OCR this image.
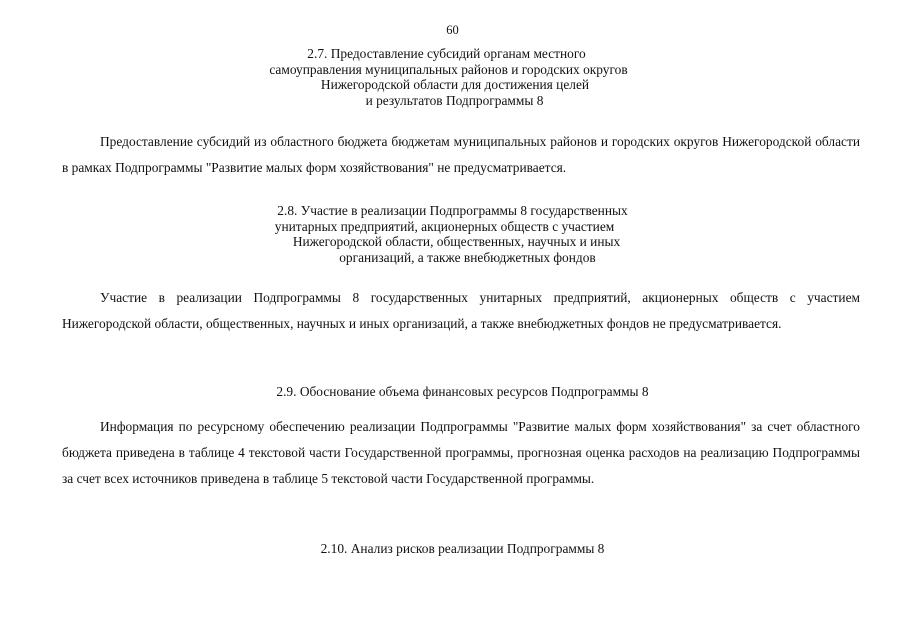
60
2.7. Предоставление субсидий органам местного
самоуправления муниципальных районов и городских округов
Нижегородской области для достижения целей
и результатов Подпрограммы 8
Предоставление субсидий из областного бюджета бюджетам муниципальных районов и городских округов Нижегородской области в рамках Подпрограммы "Развитие малых форм хозяйствования" не предусматривается.
2.8. Участие в реализации Подпрограммы 8 государственных
унитарных предприятий, акционерных обществ с участием
Нижегородской области, общественных, научных и иных
организаций, а также внебюджетных фондов
Участие в реализации Подпрограммы 8 государственных унитарных предприятий, акционерных обществ с участием Нижегородской области, общественных, научных и иных организаций, а также внебюджетных фондов не предусматривается.
2.9. Обоснование объема финансовых ресурсов Подпрограммы 8
Информация по ресурсному обеспечению реализации Подпрограммы "Развитие малых форм хозяйствования" за счет областного бюджета приведена в таблице 4 текстовой части Государственной программы, прогнозная оценка расходов на реализацию Подпрограммы за счет всех источников приведена в таблице 5 текстовой части Государственной программы.
2.10. Анализ рисков реализации Подпрограммы 8
